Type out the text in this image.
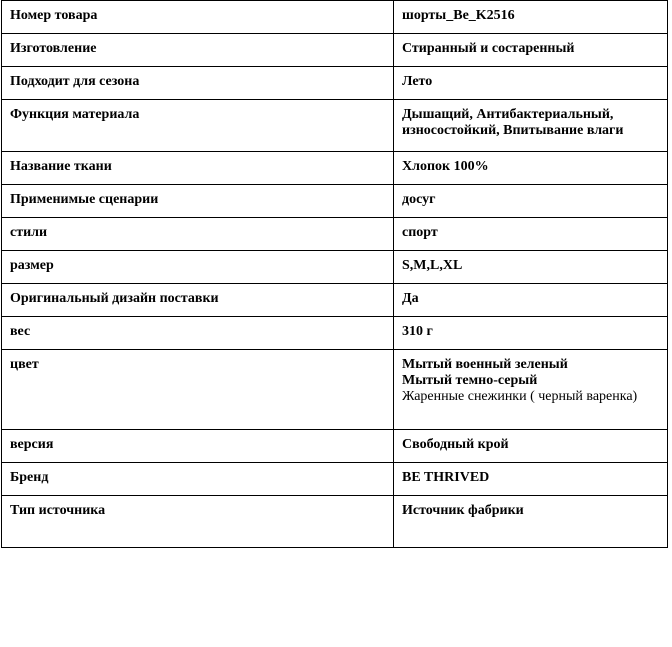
Номер товара	шорты_Be_K2516

Изготовление	Стиранный и состаренный

Подходит для сезона	Лето

Функция материала	Дышащий, Антибактериальный, износостойкий, Впитывание влаги

Название ткани	Хлопок 100%

Применимые сценарии	досуг

стили	спорт

размер	S,M,L,XL

Оригинальный дизайн поставки	Да

вес	310 г

цвет	Мытый военный зеленый
Мытый темно-серый
Жаренные снежинки ( черный варенка)

версия	Свободный крой

Бренд	BE THRIVED

Тип источника	Источник фабрики
